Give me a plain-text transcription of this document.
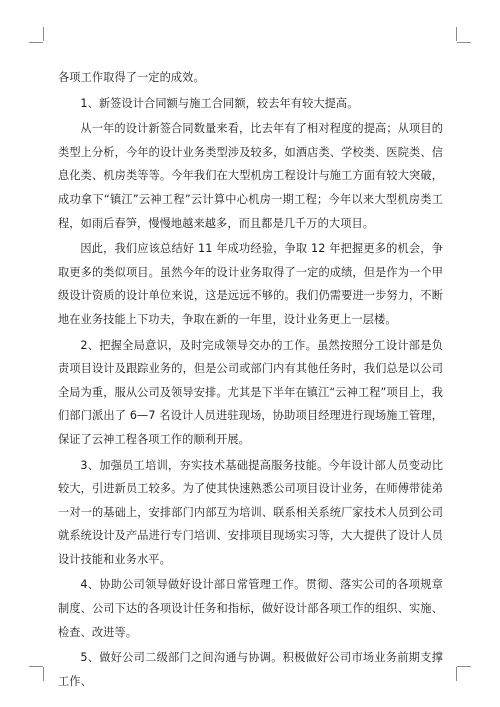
各项工作取得了一定的成效。

1、新签设计合同额与施工合同额，较去年有较大提高。

从一年的设计新签合同数量来看，比去年有了相对程度的提高；从项目的类型上分析，今年的设计业务类型涉及较多，如酒店类、学校类、医院类、信息化类、机房类等等。今年我们在大型机房工程设计与施工方面有较大突破，成功拿下“镇江”云神工程”云计算中心机房一期工程；今年以来大型机房类工程，如雨后春笋，慢慢地越来越多，而且都是几千万的大项目。

因此，我们应该总结好 11 年成功经验，争取 12 年把握更多的机会，争取更多的类似项目。虽然今年的设计业务取得了一定的成绩，但是作为一个甲级设计资质的设计单位来说，这是远远不够的。我们仍需要进一步努力，不断地在业务技能上下功夫，争取在新的一年里，设计业务更上一层楼。

2、把握全局意识，及时完成领导交办的工作。虽然按照分工设计部是负责项目设计及跟踪业务的，但是公司或部门内有其他任务时，我们总是以公司全局为重，服从公司及领导安排。尤其是下半年在镇江“云神工程”项目上，我们部门派出了 6—7 名设计人员进驻现场，协助项目经理进行现场施工管理，保证了云神工程各项工作的顺利开展。

3、加强员工培训，夯实技术基础提高服务技能。今年设计部人员变动比较大，引进新员工较多。为了使其快速熟悉公司项目设计业务，在师傅带徒弟一对一的基础上，安排部门内部互为培训、联系相关系统厂家技术人员到公司就系统设计及产品进行专门培训、安排项目现场实习等，大大提供了设计人员设计技能和业务水平。

4、协助公司领导做好设计部日常管理工作。贯彻、落实公司的各项规章制度、公司下达的各项设计任务和指标，做好设计部各项工作的组织、实施、检查、改进等。

5、做好公司二级部门之间沟通与协调。积极做好公司市场业务前期支撑工作、
